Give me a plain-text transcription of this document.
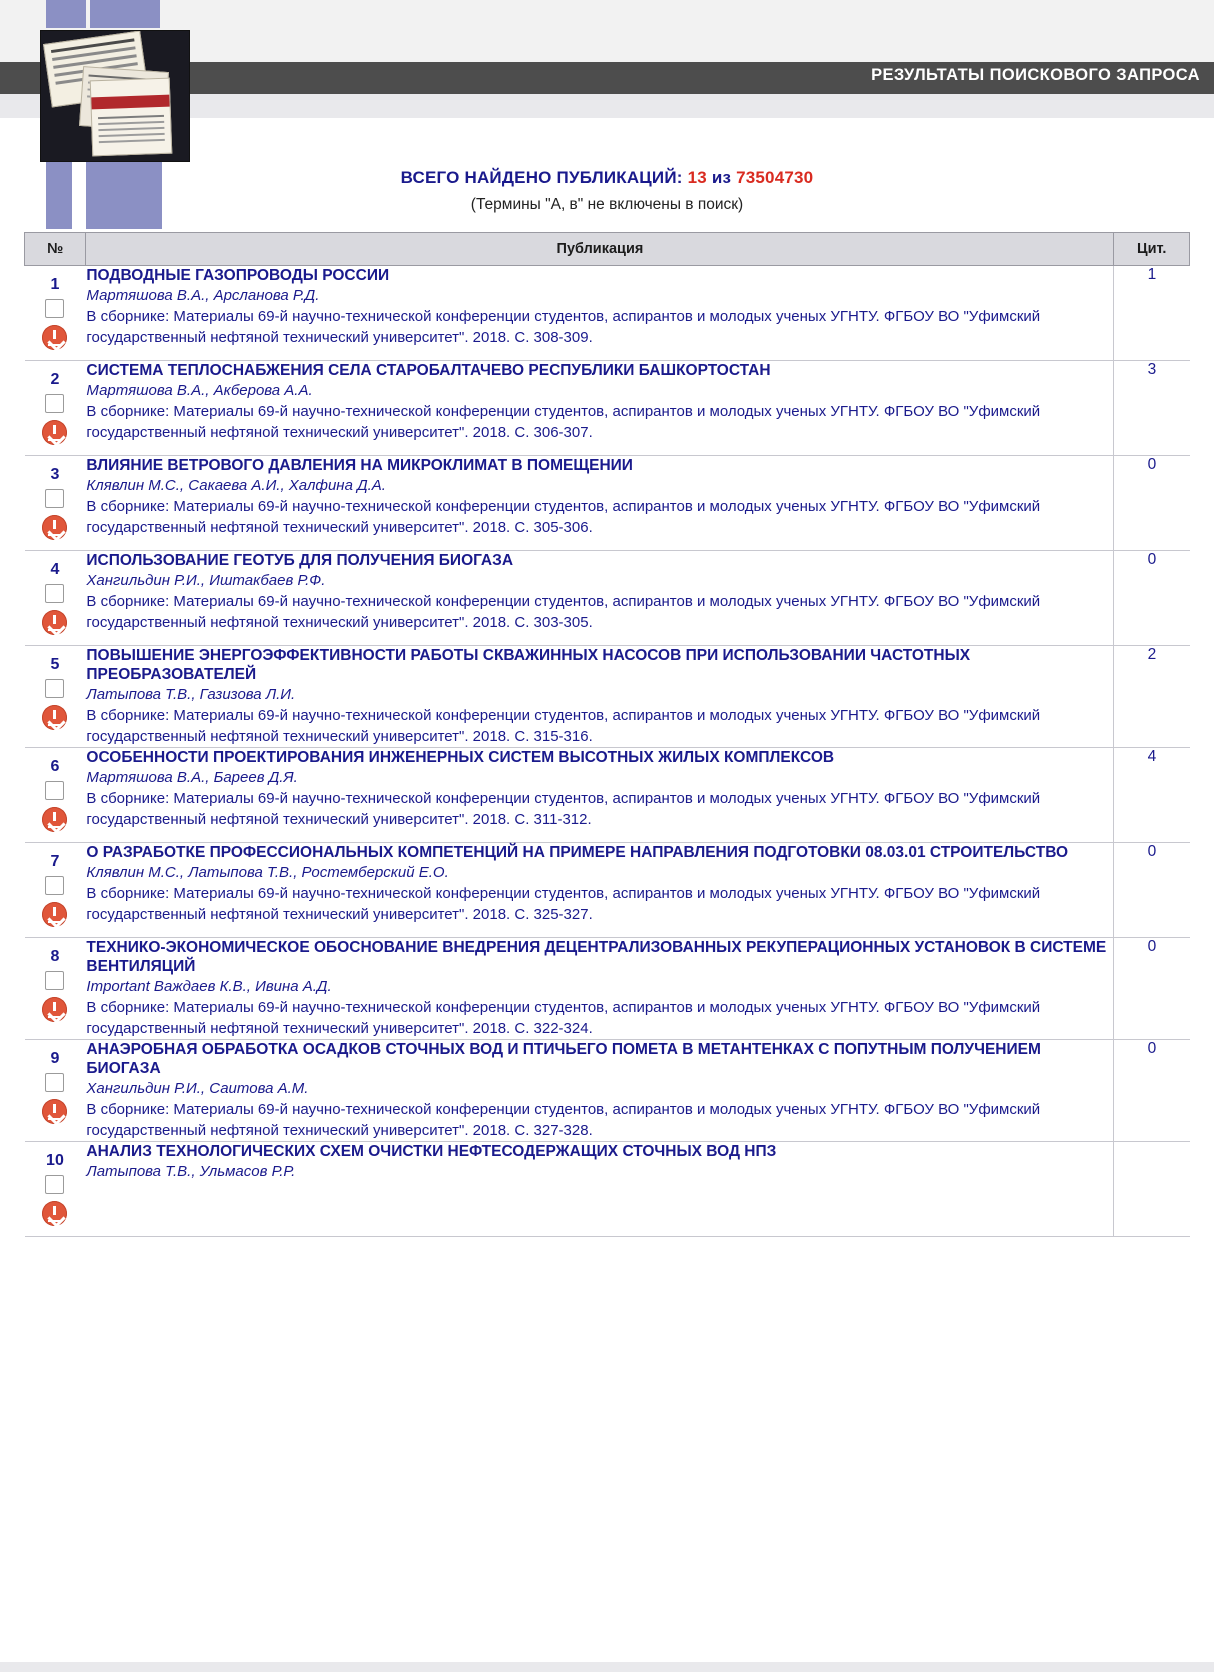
РЕЗУЛЬТАТЫ ПОИСКОВОГО ЗАПРОСА
ВСЕГО НАЙДЕНО ПУБЛИКАЦИЙ: 13 из 73504730
(Термины "А, в" не включены в поиск)
№	Публикация	Цит.

1	ПОДВОДНЫЕ ГАЗОПРОВОДЫ РОССИИ
Мартяшова В.А., Арсланова Р.Д.
В сборнике: Материалы 69-й научно-технической конференции студентов, аспирантов и молодых ученых УГНТУ. ФГБОУ ВО "Уфимский государственный нефтяной технический университет". 2018. С. 308-309.	1

2	СИСТЕМА ТЕПЛОСНАБЖЕНИЯ СЕЛА СТАРОБАЛТАЧЕВО РЕСПУБЛИКИ БАШКОРТОСТАН
Мартяшова В.А., Акберова А.А.
В сборнике: Материалы 69-й научно-технической конференции студентов, аспирантов и молодых ученых УГНТУ. ФГБОУ ВО "Уфимский государственный нефтяной технический университет". 2018. С. 306-307.	3

3	ВЛИЯНИЕ ВЕТРОВОГО ДАВЛЕНИЯ НА МИКРОКЛИМАТ В ПОМЕЩЕНИИ
Клявлин М.С., Сакаева А.И., Халфина Д.А.
В сборнике: Материалы 69-й научно-технической конференции студентов, аспирантов и молодых ученых УГНТУ. ФГБОУ ВО "Уфимский государственный нефтяной технический университет". 2018. С. 305-306.	0

4	ИСПОЛЬЗОВАНИЕ ГЕОТУБ ДЛЯ ПОЛУЧЕНИЯ БИОГАЗА
Хангильдин Р.И., Иштакбаев Р.Ф.
В сборнике: Материалы 69-й научно-технической конференции студентов, аспирантов и молодых ученых УГНТУ. ФГБОУ ВО "Уфимский государственный нефтяной технический университет". 2018. С. 303-305.	0

5	ПОВЫШЕНИЕ ЭНЕРГОЭФФЕКТИВНОСТИ РАБОТЫ СКВАЖИННЫХ НАСОСОВ ПРИ ИСПОЛЬЗОВАНИИ ЧАСТОТНЫХ ПРЕОБРАЗОВАТЕЛЕЙ
Латыпова Т.В., Газизова Л.И.
В сборнике: Материалы 69-й научно-технической конференции студентов, аспирантов и молодых ученых УГНТУ. ФГБОУ ВО "Уфимский государственный нефтяной технический университет". 2018. С. 315-316.	2

6	ОСОБЕННОСТИ ПРОЕКТИРОВАНИЯ ИНЖЕНЕРНЫХ СИСТЕМ ВЫСОТНЫХ ЖИЛЫХ КОМПЛЕКСОВ
Мартяшова В.А., Бареев Д.Я.
В сборнике: Материалы 69-й научно-технической конференции студентов, аспирантов и молодых ученых УГНТУ. ФГБОУ ВО "Уфимский государственный нефтяной технический университет". 2018. С. 311-312.	4

7	О РАЗРАБОТКЕ ПРОФЕССИОНАЛЬНЫХ КОМПЕТЕНЦИЙ НА ПРИМЕРЕ НАПРАВЛЕНИЯ ПОДГОТОВКИ 08.03.01 СТРОИТЕЛЬСТВО
Клявлин М.С., Латыпова Т.В., Ростемберский Е.О.
В сборнике: Материалы 69-й научно-технической конференции студентов, аспирантов и молодых ученых УГНТУ. ФГБОУ ВО "Уфимский государственный нефтяной технический университет". 2018. С. 325-327.	0

8	ТЕХНИКО-ЭКОНОМИЧЕСКОЕ ОБОСНОВАНИЕ ВНЕДРЕНИЯ ДЕЦЕНТРАЛИЗОВАННЫХ РЕКУПЕРАЦИОННЫХ УСТАНОВОК В СИСТЕМЕ ВЕНТИЛЯЦИЙ
Important Важдаев К.В., Ивина А.Д.
В сборнике: Материалы 69-й научно-технической конференции студентов, аспирантов и молодых ученых УГНТУ. ФГБОУ ВО "Уфимский государственный нефтяной технический университет". 2018. С. 322-324.	0

9	АНАЭРОБНАЯ ОБРАБОТКА ОСАДКОВ СТОЧНЫХ ВОД И ПТИЧЬЕГО ПОМЕТА В МЕТАНТЕНКАХ С ПОПУТНЫМ ПОЛУЧЕНИЕМ БИОГАЗА
Хангильдин Р.И., Саитова А.М.
В сборнике: Материалы 69-й научно-технической конференции студентов, аспирантов и молодых ученых УГНТУ. ФГБОУ ВО "Уфимский государственный нефтяной технический университет". 2018. С. 327-328.	0

10	АНАЛИЗ ТЕХНОЛОГИЧЕСКИХ СХЕМ ОЧИСТКИ НЕФТЕСОДЕРЖАЩИХ СТОЧНЫХ ВОД НПЗ
Латыпова Т.В., Ульмасов Р.Р.	
